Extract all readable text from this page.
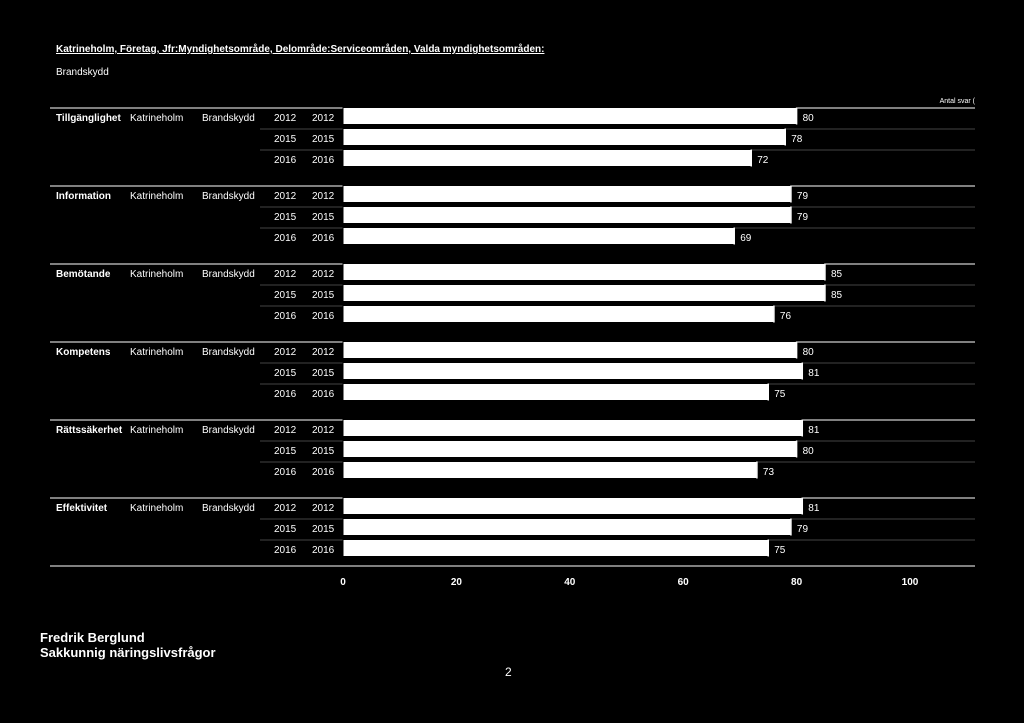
Katrineholm, Företag, Jfr:Myndighetsområde, Delområde:Serviceområden, Valda myndighetsområden:
Brandskydd
Antal svar (
Tillgänglighet Katrineholm Brandskydd 2012 2012	80
2015 2015	78
2016 2016	72
Information Katrineholm Brandskydd 2012 2012	79
2015 2015	79
2016 2016	69
Bemötande Katrineholm Brandskydd 2012 2012	85
2015 2015	85
2016 2016	76
Kompetens Katrineholm Brandskydd 2012 2012	80
2015 2015	81
2016 2016	75
Rättssäkerhet Katrineholm Brandskydd 2012 2012	81
2015 2015	80
2016 2016	73
Effektivitet Katrineholm Brandskydd 2012 2012	81
2015 2015	79
2016 2016	75
0	20	40	60	80	100
Fredrik Berglund
Sakkunnig näringslivsfrågor
2
